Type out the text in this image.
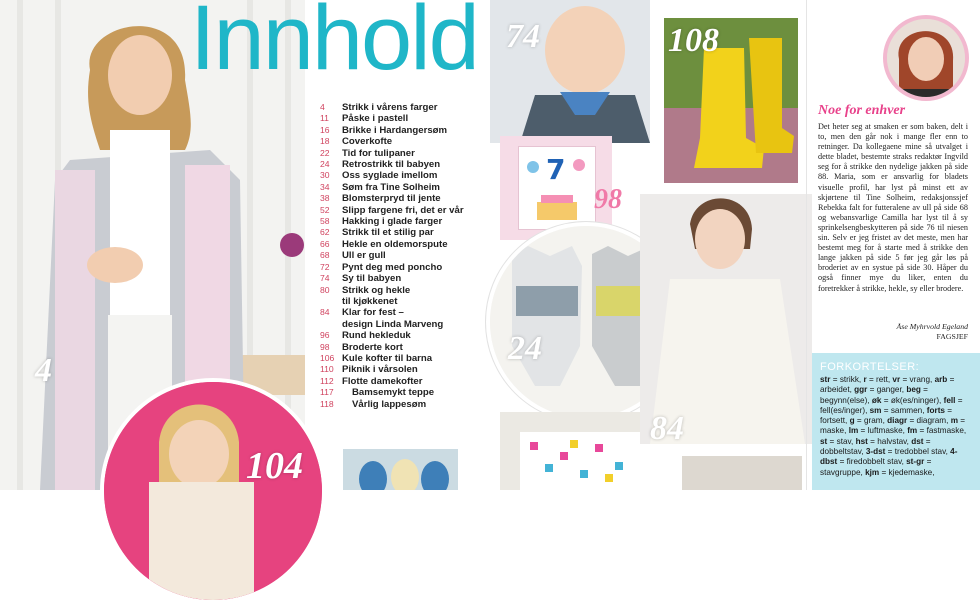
4
104
Innhold
4	Strikk i vårens farger
11	Påske i pastell
16	Brikke i Hardangersøm
18	Coverkofte
22	Tid for tulipaner
24	Retrostrikk til babyen
30	Oss syglade imellom
34	Søm fra Tine Solheim
38	Blomsterpryd til jente
52	Slipp fargene fri, det er vår
58	Hakking i glade farger
62	Strikk til et stilig par
66	Hekle en oldemorspute
68	Ull er gull
72	Pynt deg med poncho
74	Sy til babyen
80	Strikk og hekle
til kjøkkenet
84	Klar for fest –
design Linda Marveng
96	Rund hekleduk
98	Broderte kort
106 Kule kofter til barna
110 Piknik i vårsolen
112 Flotte damekofter
117	Bamsemykt teppe
118	Vårlig lappesøm
74	108
7
98
24
84
Noe for enhver
Det heter seg at smaken er som baken, delt i to, men den går nok i mange fler enn to retninger. Da kollegaene mine så utvalget i dette bladet, bestemte straks redaktør Ingvild seg for å strikke den nydelige jakken på side 88. Maria, som er ansvarlig for bladets visuelle profil, har lyst på minst ett av skjørtene til Tine Solheim, redaksjonssjef Rebekka falt for futteralene av ull på side 68 og webansvarlige Camilla har lyst til å sy sprinkelsengbeskytteren på side 76 til niesen sin. Selv er jeg fristet av det meste, men har bestemt meg for å starte med å strikke den lange jakken på side 5 før jeg går løs på broderiet av en systue på side 30. Håper du også finner mye du liker, enten du foretrekker å strikke, hekle, sy eller brodere.
Åse Myhrvold Egeland
FAGSJEF
FORKORTELSER:
str = strikk, r = rett, vr = vrang, arb = arbeidet, ggr = ganger, beg = begynn(else), øk = øk(es/ninger), fell = fell(es/inger), sm = sammen, forts = fortsett, g = gram, diagr = diagram, m = maske, lm = luftmaske, fm = fastmaske, st = stav, hst = halvstav, dst = dobbeltstav, 3-dst = tredobbel stav, 4-dbst = firedobbelt stav, st-gr = stavgruppe, kjm = kjedemaske,
